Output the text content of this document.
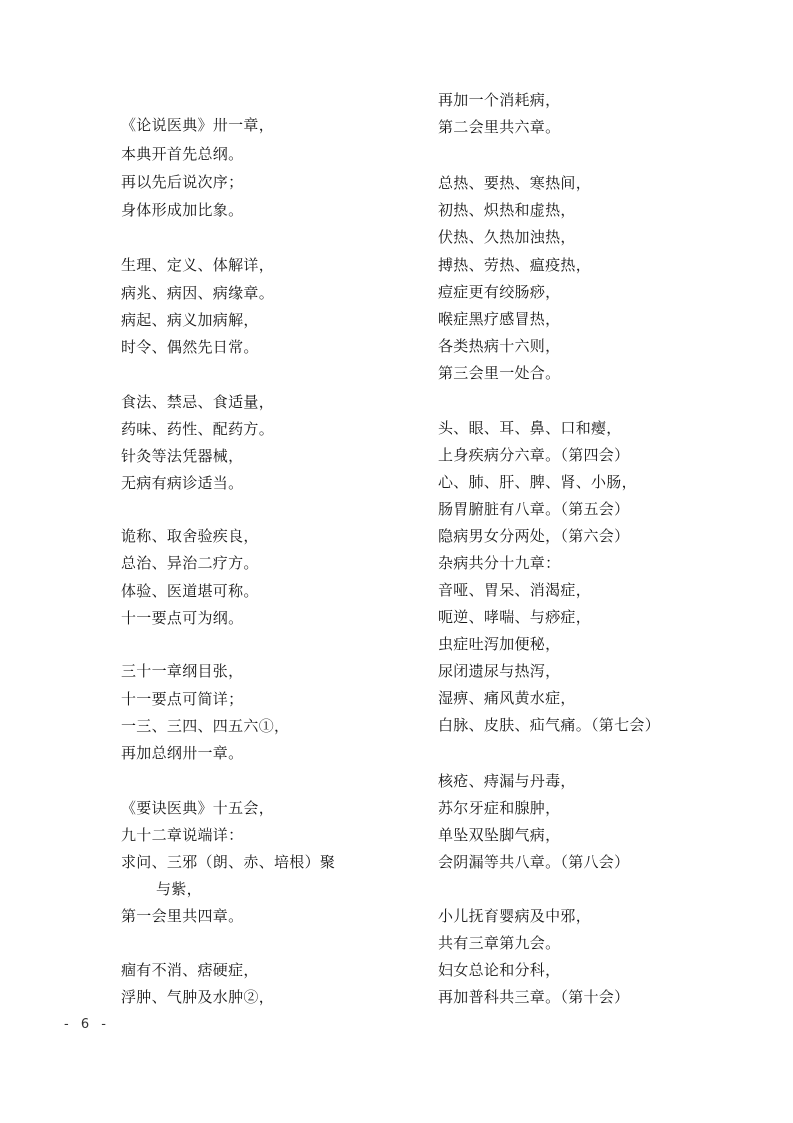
《论说医典》卅一章，
本典开首先总纲。
再以先后说次序；
身体形成加比象。
生理、定义、体解详，
病兆、病因、病缘章。
病起、病义加病解，
时令、偶然先日常。
食法、禁忌、食适量，
药味、药性、配药方。
针灸等法凭器械，
无病有病诊适当。
诡称、取舍验疾良，
总治、异治二疗方。
体验、医道堪可称。
十一要点可为纲。
三十一章纲目张，
十一要点可简详；
一三、三四、四五六①，
再加总纲卅一章。
《要诀医典》十五会，
九十二章说端详：
求问、三邪（朗、赤、培根）聚
与紫，
第一会里共四章。
痼有不消、痞硬症，
浮肿、气肿及水肿②，
再加一个消耗病，
第二会里共六章。
总热、要热、寒热间，
初热、炽热和虚热，
伏热、久热加浊热，
搏热、劳热、瘟疫热，
痘症更有绞肠痧，
喉症黑疗感冒热，
各类热病十六则，
第三会里一处合。
头、眼、耳、鼻、口和瘿，
上身疾病分六章。（第四会）
心、肺、肝、脾、肾、小肠，
肠胃腑脏有八章。（第五会）
隐病男女分两处，（第六会）
杂病共分十九章：
音哑、胃呆、消渴症，
呃逆、哮喘、与痧症，
虫症吐泻加便秘，
尿闭遗尿与热泻，
湿痹、痛风黄水症，
白脉、皮肤、疝气痛。（第七会）
核疮、痔漏与丹毒，
苏尔牙症和腺肿，
单坠双坠脚气病，
会阴漏等共八章。（第八会）
小儿抚育婴病及中邪，
共有三章第九会。
妇女总论和分科，
再加普科共三章。（第十会）
- 6 -
